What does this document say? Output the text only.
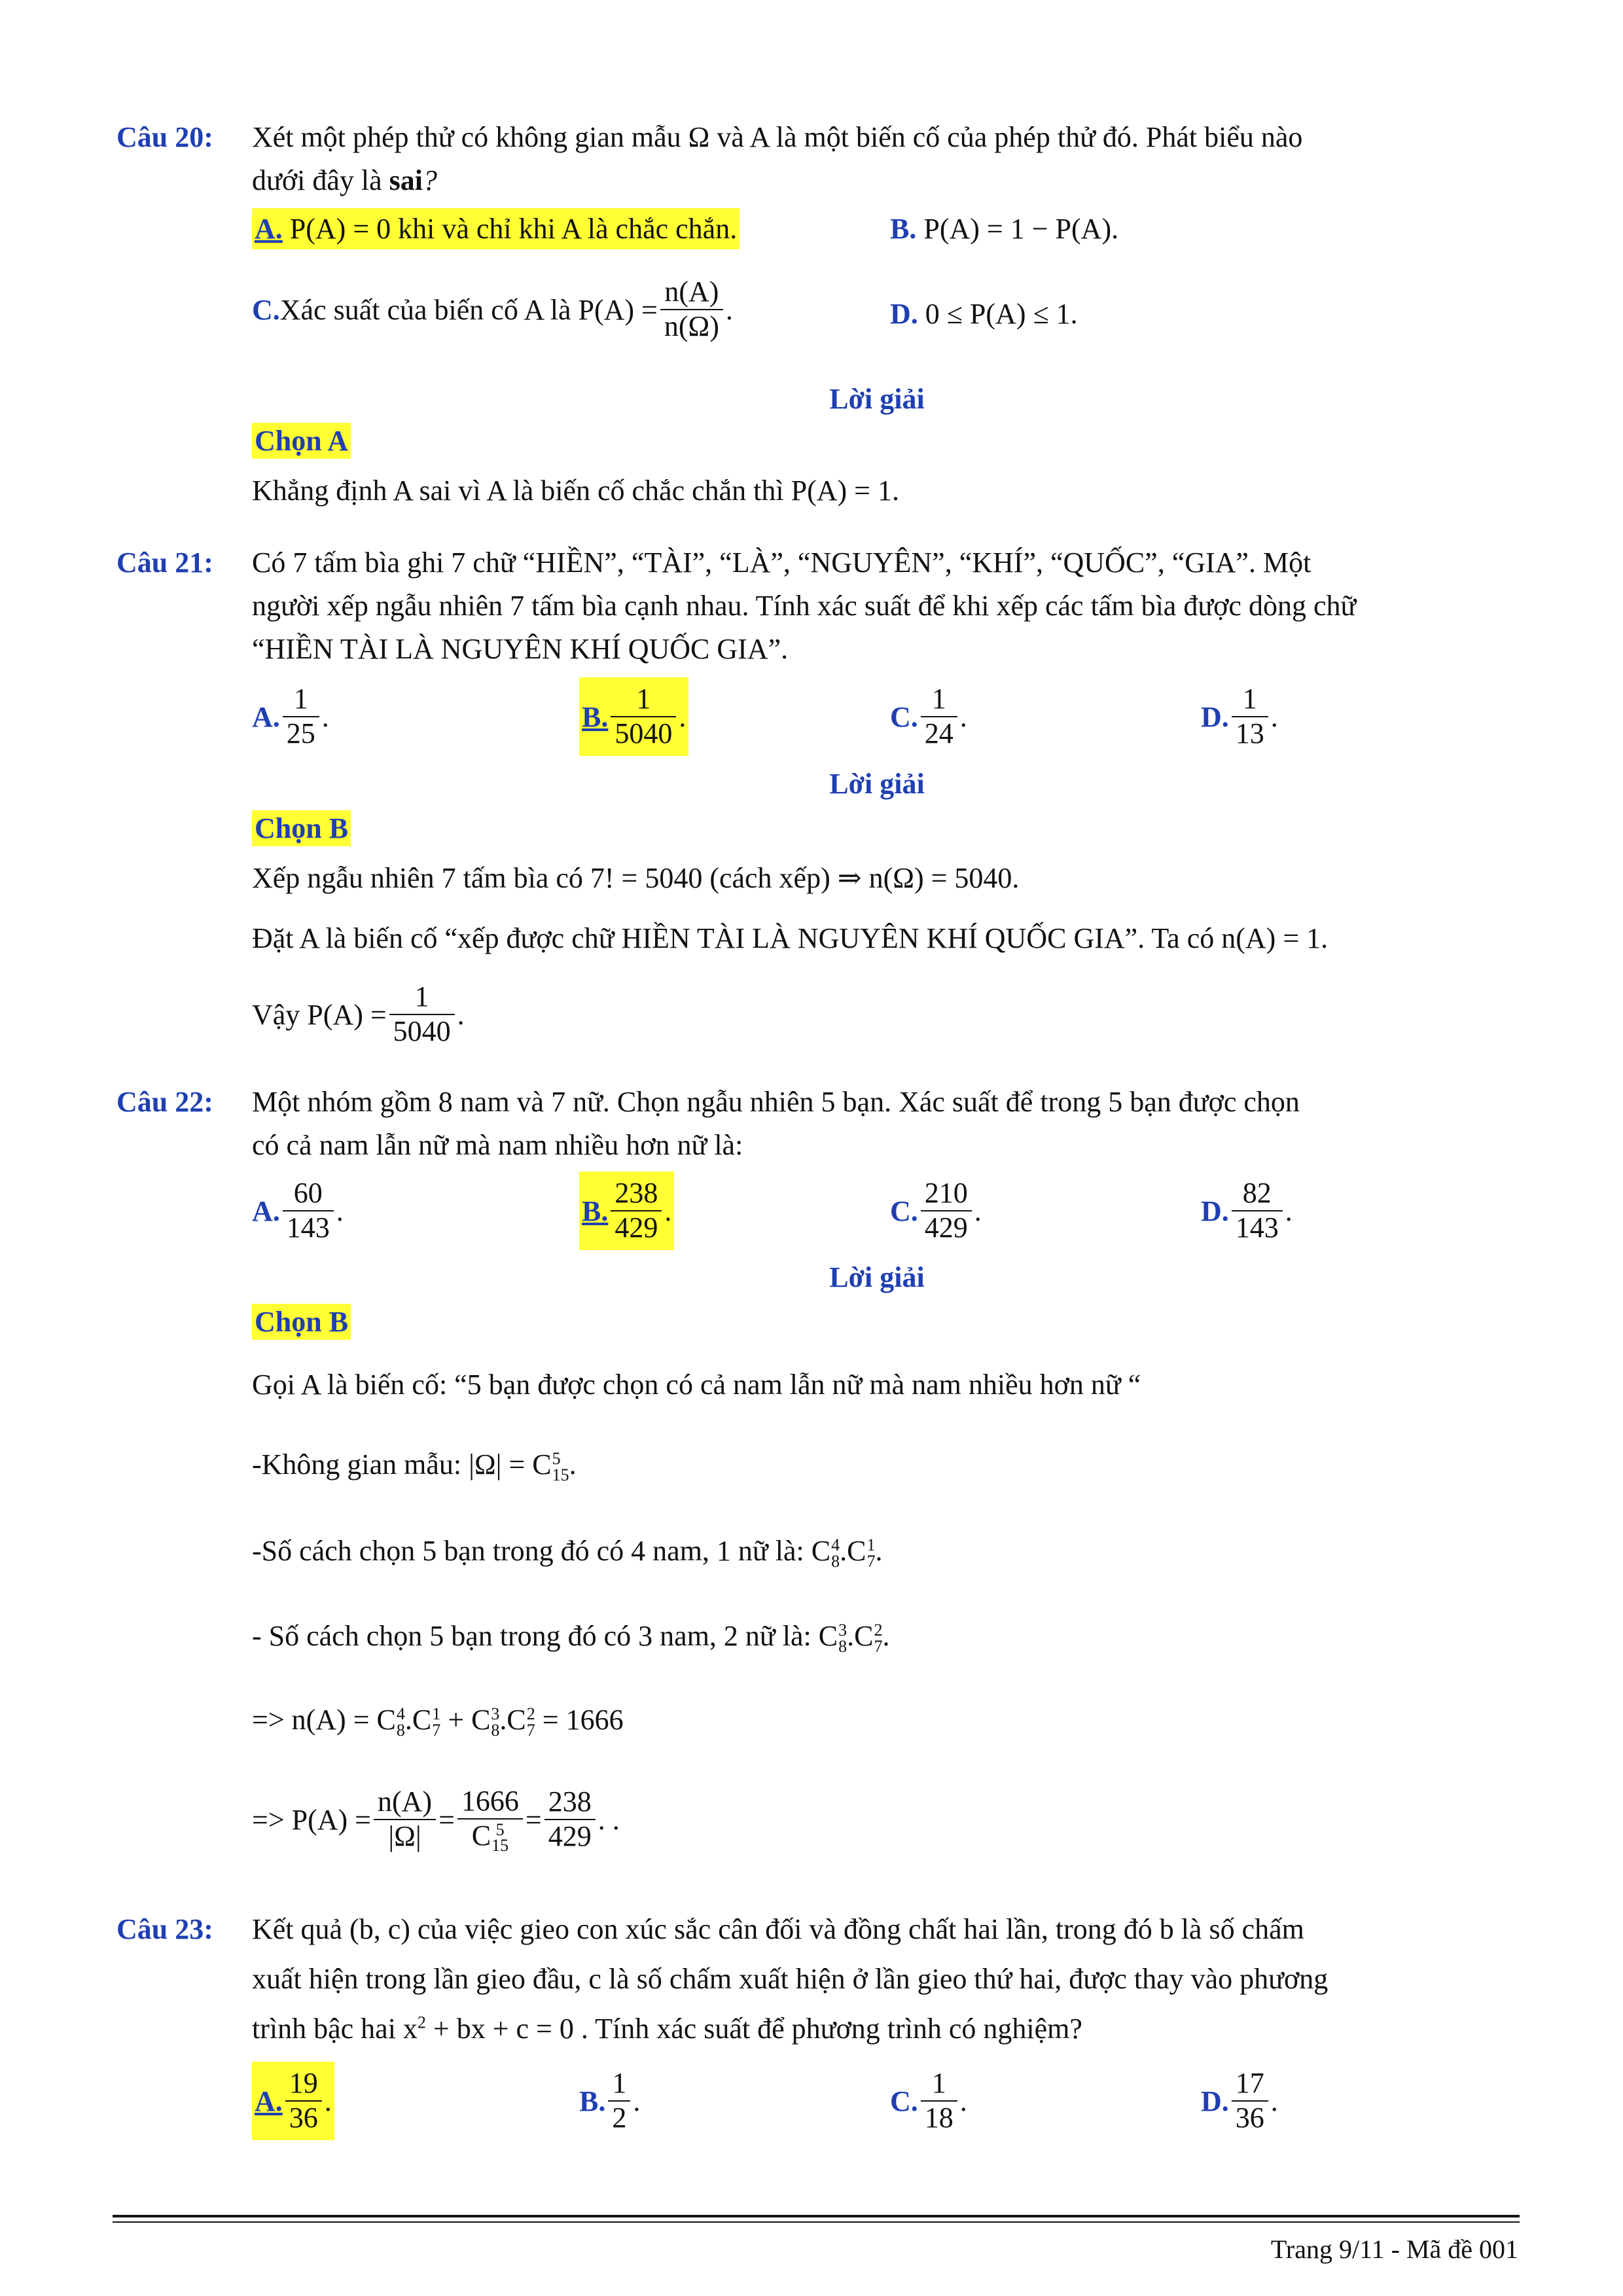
Câu 20: Xét một phép thử có không gian mẫu Ω và A là một biến cố của phép thử đó. Phát biểu nào
dưới đây là sai?
A. P(A) = 0 khi và chỉ khi A là chắc chắn.	B. P(A) = 1 − P(A).
C. Xác suất của biến cố A là $P(A) = \frac{n(A)}{n(\Omega)}$ .	D. 0 ≤ P(A) ≤ 1.
Lời giải
Chọn A
Khẳng định A sai vì A là biến cố chắc chắn thì P(A) = 1.
Câu 21: Có 7 tấm bìa ghi 7 chữ “HIỀN”, “TÀI”, “LÀ”, “NGUYÊN”, “KHÍ”, “QUỐC”, “GIA”. Một
người xếp ngẫu nhiên 7 tấm bìa cạnh nhau. Tính xác suất để khi xếp các tấm bìa được dòng chữ
“HIỀN TÀI LÀ NGUYÊN KHÍ QUỐC GIA”.
A. $\frac{1}{25}$ .	B. $\frac{1}{5040}$ .	C. $\frac{1}{24}$ .	D. $\frac{1}{13}$ .
Lời giải
Chọn B
Xếp ngẫu nhiên 7 tấm bìa có 7! = 5040 (cách xếp) ⇒ n(Ω) = 5040.
Đặt A là biến cố “xếp được chữ HIỀN TÀI LÀ NGUYÊN KHÍ QUỐC GIA”. Ta có n(A) = 1.
Vậy $P(A) = \frac{1}{5040}$ .
Câu 22: Một nhóm gồm 8 nam và 7 nữ. Chọn ngẫu nhiên 5 bạn. Xác suất để trong 5 bạn được chọn
có cả nam lẫn nữ mà nam nhiều hơn nữ là:
A. $\frac{60}{143}$ .	B. $\frac{238}{429}$ .	C. $\frac{210}{429}$ .	D. $\frac{82}{143}$ .
Lời giải
Chọn B
Gọi A là biến cố: “5 bạn được chọn có cả nam lẫn nữ mà nam nhiều hơn nữ “
-Không gian mẫu: |Ω| = C 5
15 .
-Số cách chọn 5 bạn trong đó có 4 nam, 1 nữ là: C 4
8 .C 1
7 .
- Số cách chọn 5 bạn trong đó có 3 nam, 2 nữ là: C 3
8 .C 2
7 .
=> n(A) = C 4
8 .C 1
7 + C 3
8 .C 2
7 = 1666
=> $P(A) = \frac{n(A)}{|\Omega|} = 1666$
C 5
$15 = \frac{238}{429}$ . .
Câu 23: Kết quả (b, c) của việc gieo con xúc sắc cân đối và đồng chất hai lần, trong đó b là số chấm
xuất hiện trong lần gieo đầu, c là số chấm xuất hiện ở lần gieo thứ hai, được thay vào phương
trình bậc hai $x^2$ + bx + c = 0 . Tính xác suất để phương trình có nghiệm?
A. $\frac{19}{36}$ .	B. $\frac{1}{2}$ .	C. $\frac{1}{18}$ .	D. $\frac{17}{36}$ .
Trang 9/11 - Mã đề 001
